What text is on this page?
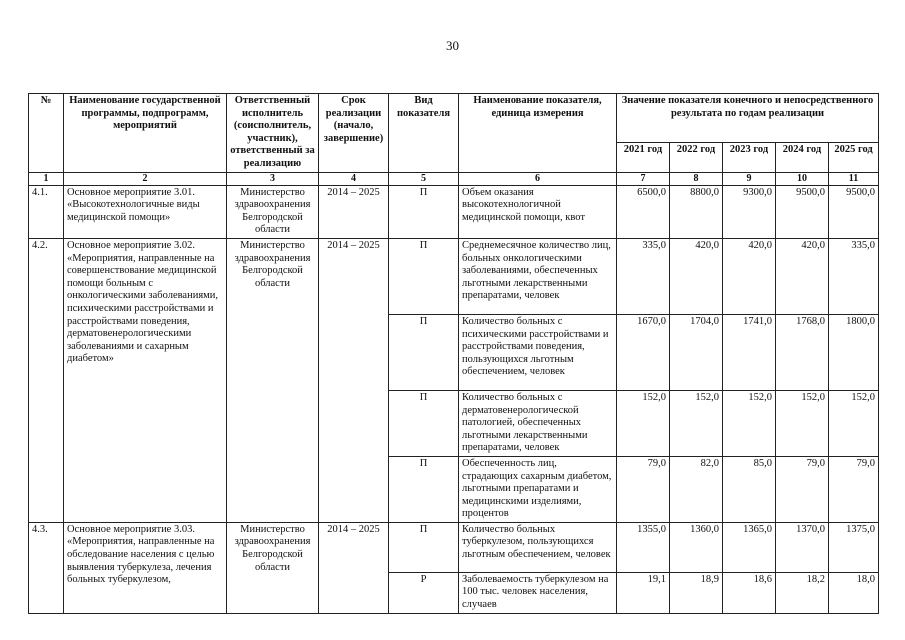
30
№	Наименование государственной программы, подпрограмм, мероприятий	Ответственный исполнитель (соисполнитель, участник), ответственный за реализацию	Срок реализации (начало, завершение)	Вид показателя	Наименование показателя, единица измерения	Значение показателя конечного и непосредственного результата по годам реализации				
						2021 год	2022 год	2023 год	2024 год	2025 год
1	2	3	4	5	6	7	8	9	10	11
4.1.	Основное мероприятие 3.01. «Высокотехнологичные виды медицинской помощи»	Министерство здравоохранения Белгородской области	2014 – 2025	П	Объем оказания высокотехнологичной медицинской помощи, квот	6500,0	8800,0	9300,0	9500,0	9500,0
4.2.	Основное мероприятие 3.02. «Мероприятия, направленные на совершенствование медицинской помощи больным с онкологическими заболеваниями, психическими расстройствами и расстройствами поведения, дерматовенерологическими заболеваниями и сахарным диабетом»	Министерство здравоохранения Белгородской области	2014 – 2025	П	Среднемесячное количество лиц, больных онкологическими заболеваниями, обеспеченных льготными лекарственными препаратами, человек	335,0	420,0	420,0	420,0	335,0
				П	Количество больных с психическими расстройствами и расстройствами поведения, пользующихся льготным обеспечением, человек	1670,0	1704,0	1741,0	1768,0	1800,0
				П	Количество больных с дерматовенерологической патологией, обеспеченных льготными лекарственными препаратами, человек	152,0	152,0	152,0	152,0	152,0
				П	Обеспеченность лиц, страдающих сахарным диабетом, льготными препаратами и медицинскими изделиями, процентов	79,0	82,0	85,0	79,0	79,0
4.3.	Основное мероприятие 3.03. «Мероприятия, направленные на обследование населения с целью выявления туберкулеза, лечения больных туберкулезом,	Министерство здравоохранения Белгородской области	2014 – 2025	П	Количество больных туберкулезом, пользующихся льготным обеспечением, человек	1355,0	1360,0	1365,0	1370,0	1375,0
				Р	Заболеваемость туберкулезом на 100 тыс. человек населения, случаев	19,1	18,9	18,6	18,2	18,0
